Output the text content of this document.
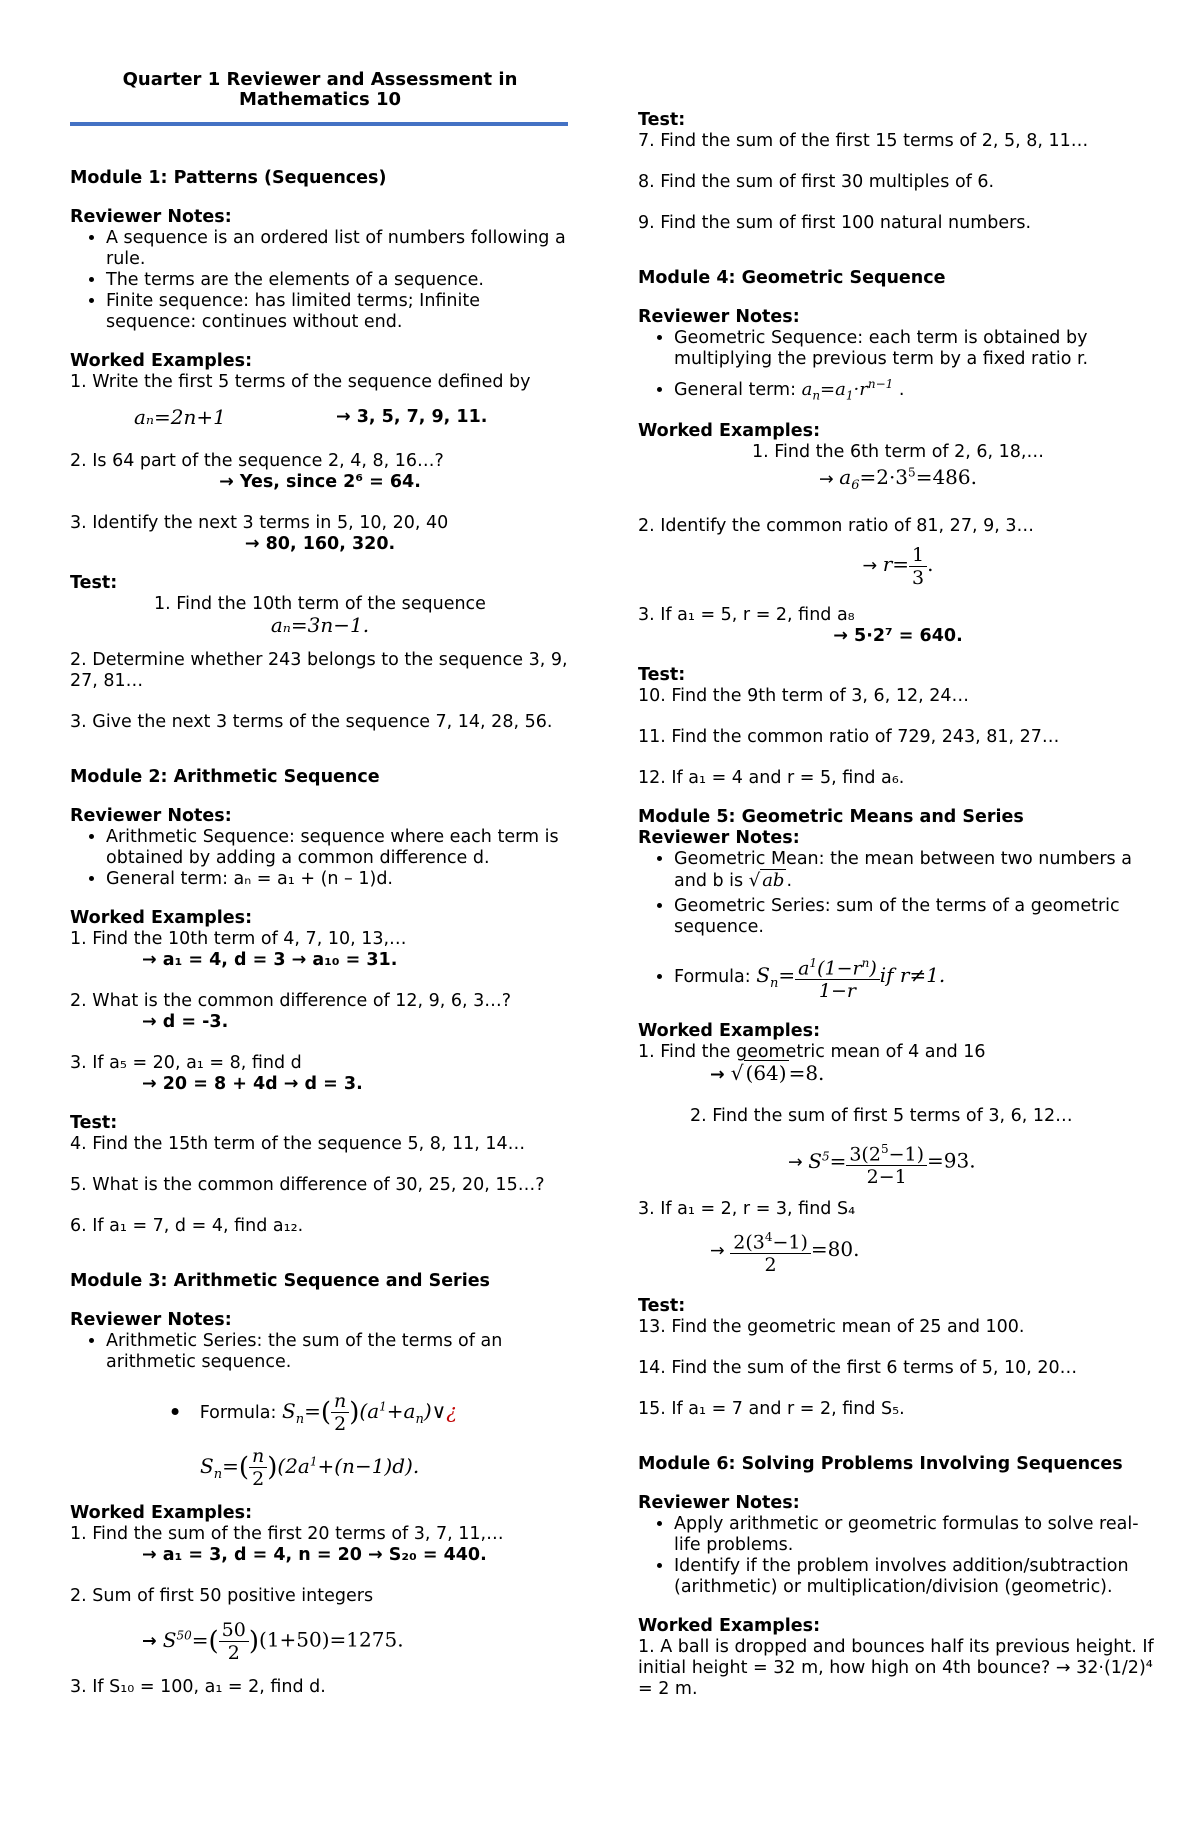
Quarter 1 Reviewer and Assessment in
Mathematics 10
Module 1: Patterns (Sequences)
Reviewer Notes:
• A sequence is an ordered list of numbers following a rule.
• The terms are the elements of a sequence.
• Finite sequence: has limited terms; Infinite sequence: continues without end.
Worked Examples:
1. Write the first 5 terms of the sequence defined by
aₙ=2n+1	→ 3, 5, 7, 9, 11.
2. Is 64 part of the sequence 2, 4, 8, 16…?
→ Yes, since 2⁶ = 64.
3. Identify the next 3 terms in 5, 10, 20, 40
→ 80, 160, 320.
Test:
1. Find the 10th term of the sequence
aₙ=3n−1.
2. Determine whether 243 belongs to the sequence 3, 9, 27, 81…
3. Give the next 3 terms of the sequence 7, 14, 28, 56.
Module 2: Arithmetic Sequence
Reviewer Notes:
• Arithmetic Sequence: sequence where each term is obtained by adding a common difference d.
• General term: aₙ = a₁ + (n – 1)d.
Worked Examples:
1. Find the 10th term of 4, 7, 10, 13,…
→ a₁ = 4, d = 3 → a₁₀ = 31.
2. What is the common difference of 12, 9, 6, 3…?
→ d = -3.
3. If a₅ = 20, a₁ = 8, find d
→ 20 = 8 + 4d → d = 3.
Test:
4. Find the 15th term of the sequence 5, 8, 11, 14…
5. What is the common difference of 30, 25, 20, 15…?
6. If a₁ = 7, d = 4, find a₁₂.
Module 3: Arithmetic Sequence and Series
Reviewer Notes:
• Arithmetic Series: the sum of the terms of an arithmetic sequence.
• Formula: $S_n=( \frac{n}{2}$ )$(a^1+a_n)\vee¿$
$S_n=( \frac{n}{2} )(2a^1+(n-1)d)$.
Worked Examples:
1. Find the sum of the first 20 terms of 3, 7, 11,…
→ a₁ = 3, d = 4, n = 20 → S₂₀ = 440.
2. Sum of first 50 positive integers
→ $S^{50}=( \frac{50}{2} )(1+50)=1275$.
3. If S₁₀ = 100, a₁ = 2, find d.
Test:
7. Find the sum of the first 15 terms of 2, 5, 8, 11…
8. Find the sum of first 30 multiples of 6.
9. Find the sum of first 100 natural numbers.
Module 4: Geometric Sequence
Reviewer Notes:
• Geometric Sequence: each term is obtained by multiplying the previous term by a fixed ratio r.
• General term: $a_n=a_1\cdot r^{n-1}$ .
Worked Examples:
1. Find the 6th term of 2, 6, 18,…
→ $a_6=2\cdot 3^5=486$.
2. Identify the common ratio of 81, 27, 9, 3…
→ $r= \frac{1}{3}$ .
3. If a₁ = 5, r = 2, find a₈
→ 5·2⁷ = 640.
Test:
10. Find the 9th term of 3, 6, 12, 24…
11. Find the common ratio of 729, 243, 81, 27…
12. If a₁ = 4 and r = 5, find a₆.
Module 5: Geometric Means and Series
Reviewer Notes:
• Geometric Mean: the mean between two numbers a and b is √ ab .
• Geometric Series: sum of the terms of a geometric sequence.
• Formula: $S_n= \frac{a^1(1-r^n)}{1-r}$ if r≠1.
Worked Examples:
1. Find the geometric mean of 4 and 16
→ √ (64) =8.
2. Find the sum of first 5 terms of 3, 6, 12…
→ $S^5= \frac{3(2^5-1)}{2-1} =93$.
3. If a₁ = 2, r = 3, find S₄
→ $\frac{2(3^4-1)}{2} =80$.
Test:
13. Find the geometric mean of 25 and 100.
14. Find the sum of the first 6 terms of 5, 10, 20…
15. If a₁ = 7 and r = 2, find S₅.
Module 6: Solving Problems Involving Sequences
Reviewer Notes:
• Apply arithmetic or geometric formulas to solve real-life problems.
• Identify if the problem involves addition/subtraction (arithmetic) or multiplication/division (geometric).
Worked Examples:
1. A ball is dropped and bounces half its previous height. If initial height = 32 m, how high on 4th bounce? → 32·(1/2)⁴ = 2 m.
